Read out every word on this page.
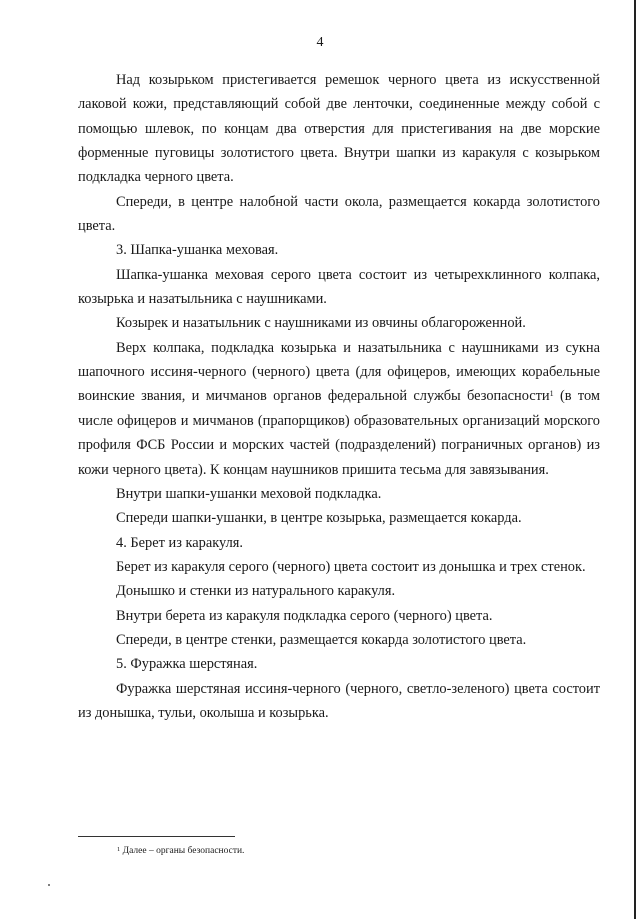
4

Над козырьком пристегивается ремешок черного цвета из искусственной лаковой кожи, представляющий собой две ленточки, соединенные между собой с помощью шлевок, по концам два отверстия для пристегивания на две морские форменные пуговицы золотистого цвета. Внутри шапки из каракуля с козырьком подкладка черного цвета.

Спереди, в центре налобной части окола, размещается кокарда золотистого цвета.

3. Шапка-ушанка меховая.

Шапка-ушанка меховая серого цвета состоит из четырехклинного колпака, козырька и назатыльника с наушниками.

Козырек и назатыльник с наушниками из овчины облагороженной.

Верх колпака, подкладка козырька и назатыльника с наушниками из сукна шапочного иссиня-черного (черного) цвета (для офицеров, имеющих корабельные воинские звания, и мичманов органов федеральной службы безопасности$^1$ (в том числе офицеров и мичманов (прапорщиков) образовательных организаций морского профиля ФСБ России и морских частей (подразделений) пограничных органов) из кожи черного цвета). К концам наушников пришита тесьма для завязывания.

Внутри шапки-ушанки меховой подкладка.

Спереди шапки-ушанки, в центре козырька, размещается кокарда.

4. Берет из каракуля.

Берет из каракуля серого (черного) цвета состоит из донышка и трех стенок.

Донышко и стенки из натурального каракуля.

Внутри берета из каракуля подкладка серого (черного) цвета.

Спереди, в центре стенки, размещается кокарда золотистого цвета.

5. Фуражка шерстяная.

Фуражка шерстяная иссиня-черного (черного, светло-зеленого) цвета состоит из донышка, тульи, околыша и козырька.

$^1$ Далее – органы безопасности.
